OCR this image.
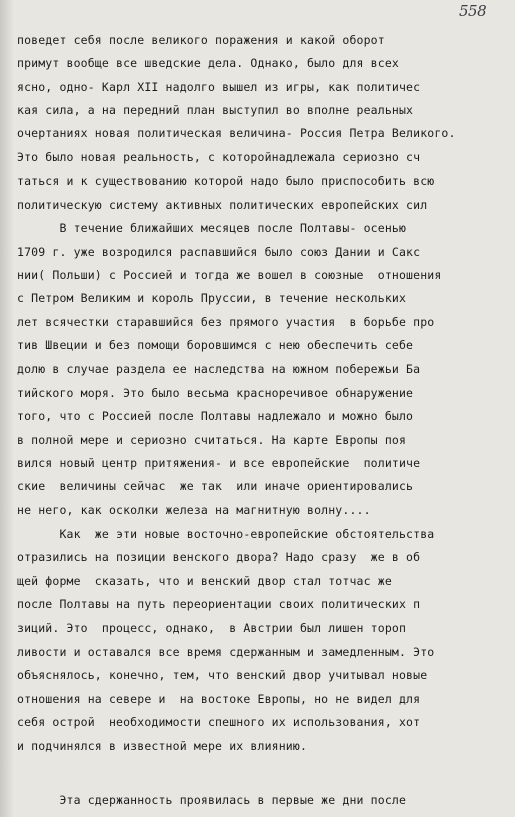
558
поведет себя после великого поражения и какой оборот
примут вообще все шведские дела. Однако, было для всех
ясно, одно- Карл XII надолго вышел из игры, как политичес
кая сила, а на передний план выступил во вполне реальных
очертаниях новая политическая величина- Россия Петра Великого.
Это было новая реальность, с которойнадлежала сериозно сч
таться и к существованию которой надо было приспособить всю
политическую систему активных политических европейских сил
В течение ближайших месяцев после Полтавы- осенью
1709 г. уже возродился распавшийся было союз Дании и Сакс
нии( Польши) с Россией и тогда же вошел в союзные  отношения
с Петром Великим и король Пруссии, в течение нескольких
лет всячестки старавшийся без прямого участия  в борьбе про
тив Швеции и без помощи боровшимся с нею обеспечить себе
долю в случае раздела ее наследства на южном побережьи Ба
тийского моря. Это было весьма красноречивое обнаружение
того, что с Россией после Полтавы надлежало и можно было
в полной мере и сериозно считаться. На карте Европы поя
вился новый центр притяжения- и все европейские  политиче
ские  величины сейчас  же так  или иначе ориентировались
не него, как осколки железа на магнитную волну....
Как  же эти новые восточно-европейские обстоятельства
отразились на позиции венского двора? Надо сразу  же в об
щей форме  сказать, что и венский двор стал тотчас же
после Полтавы на путь переориентации своих политических п
зиций. Это  процесс, однако,  в Австрии был лишен тороп
ливости и оставался все время сдержанным и замедленным. Это
объяснялось, конечно, тем, что венский двор учитывал новые
отношения на севере и  на востоке Европы, но не видел для
себя острой  необходимости спешного их использования, хот
и подчинялся в известной мере их влиянию.
Эта сдержанность проявилась в первые же дни после
